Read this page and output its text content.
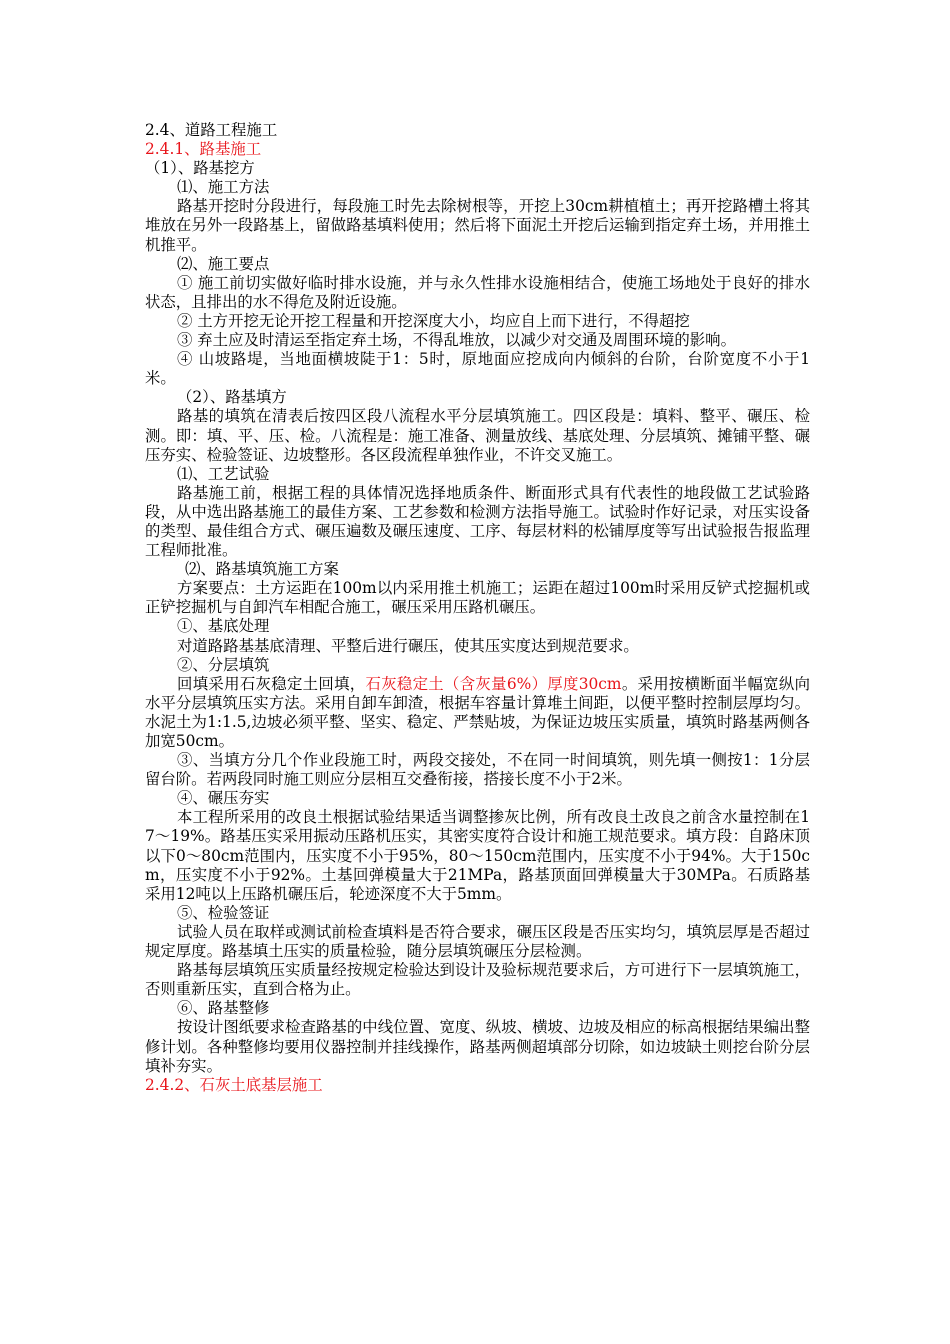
2.4、道路工程施工

2.4.1、路基施工

（1）、路基挖方

⑴、施工方法

路基开挖时分段进行，每段施工时先去除树根等，开挖上30cm耕植植土；再开挖路槽土将其堆放在另外一段路基上，留做路基填料使用；然后将下面泥土开挖后运输到指定弃土场，并用推土机推平。

⑵、施工要点

① 施工前切实做好临时排水设施，并与永久性排水设施相结合，使施工场地处于良好的排水状态，且排出的水不得危及附近设施。

② 土方开挖无论开挖工程量和开挖深度大小，均应自上而下进行，不得超挖

③ 弃土应及时清运至指定弃土场，不得乱堆放，以减少对交通及周围环境的影响。

④ 山坡路堤，当地面横坡陡于1：5时，原地面应挖成向内倾斜的台阶，台阶宽度不小于1米。

（2）、路基填方

路基的填筑在清表后按四区段八流程水平分层填筑施工。四区段是：填料、整平、碾压、检测。即：填、平、压、检。八流程是：施工准备、测量放线、基底处理、分层填筑、摊铺平整、碾压夯实、检验签证、边坡整形。各区段流程单独作业，不许交叉施工。

⑴、工艺试验

路基施工前，根据工程的具体情况选择地质条件、断面形式具有代表性的地段做工艺试验路段，从中选出路基施工的最佳方案、工艺参数和检测方法指导施工。试验时作好记录，对压实设备的类型、最佳组合方式、碾压遍数及碾压速度、工序、每层材料的松铺厚度等写出试验报告报监理工程师批准。

⑵、路基填筑施工方案

方案要点：土方运距在100m以内采用推土机施工；运距在超过100m时采用反铲式挖掘机或正铲挖掘机与自卸汽车相配合施工，碾压采用压路机碾压。

①、基底处理

对道路路基基底清理、平整后进行碾压，使其压实度达到规范要求。

②、分层填筑

回填采用石灰稳定土回填，石灰稳定土（含灰量6%）厚度30cm。采用按横断面半幅宽纵向水平分层填筑压实方法。采用自卸车卸渣，根据车容量计算堆土间距，以便平整时控制层厚均匀。水泥土为1:1.5,边坡必须平整、坚实、稳定、严禁贴坡，为保证边坡压实质量，填筑时路基两侧各加宽50cm。

③、当填方分几个作业段施工时，两段交接处，不在同一时间填筑，则先填一侧按1：1分层留台阶。若两段同时施工则应分层相互交叠衔接，搭接长度不小于2米。

④、碾压夯实

本工程所采用的改良土根据试验结果适当调整掺灰比例，所有改良土改良之前含水量控制在17～19%。路基压实采用振动压路机压实，其密实度符合设计和施工规范要求。填方段：自路床顶以下0～80cm范围内，压实度不小于95%，80～150cm范围内，压实度不小于94%。大于150cm，压实度不小于92%。土基回弹模量大于21MPa，路基顶面回弹模量大于30MPa。石质路基采用12吨以上压路机碾压后，轮迹深度不大于5mm。

⑤、检验签证

试验人员在取样或测试前检查填料是否符合要求，碾压区段是否压实均匀，填筑层厚是否超过规定厚度。路基填土压实的质量检验，随分层填筑碾压分层检测。

路基每层填筑压实质量经按规定检验达到设计及验标规范要求后，方可进行下一层填筑施工，否则重新压实，直到合格为止。

⑥、路基整修

按设计图纸要求检查路基的中线位置、宽度、纵坡、横坡、边坡及相应的标高根据结果编出整修计划。各种整修均要用仪器控制并挂线操作，路基两侧超填部分切除，如边坡缺土则挖台阶分层填补夯实。

2.4.2、石灰土底基层施工
